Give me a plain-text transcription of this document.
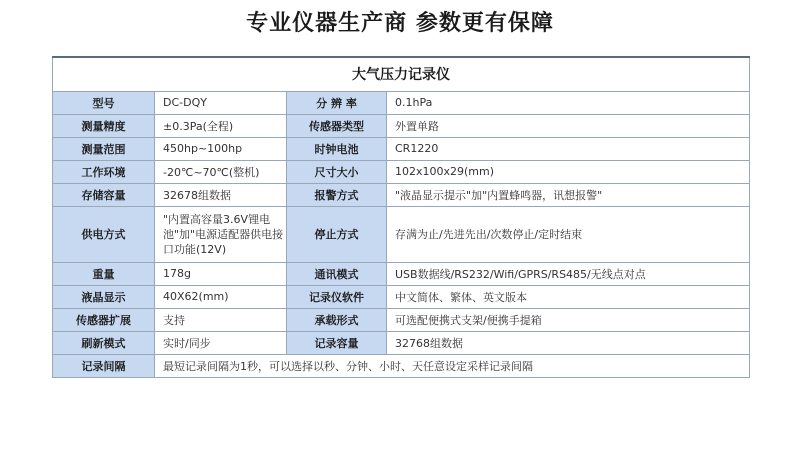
专业仪器生产商 参数更有保障
大气压力记录仪			
型号	DC-DQY	分 辨 率	0.1hPa
测量精度	±0.3Pa(全程)	传感器类型	外置单路
测量范围	450hp~100hp	时钟电池	CR1220
工作环境	-20℃~70℃(整机)	尺寸大小	102x100x29(mm)
存储容量	32678组数据	报警方式	"液晶显示提示"加"内置蜂鸣器，讯想报警"
供电方式	"内置高容量3.6V锂电池"加"电源适配器供电接口功能(12V)	停止方式	存满为止/先进先出/次数停止/定时结束
重量	178g	通讯模式	USB数据线/RS232/Wifi/GPRS/RS485/无线点对点
液晶显示	40X62(mm)	记录仪软件	中文简体、繁体、英文版本
传感器扩展	支持	承载形式	可选配便携式支架/便携手提箱
刷新模式	实时/同步	记录容量	32768组数据
记录间隔	最短记录间隔为1秒，可以选择以秒、分钟、小时、天任意设定采样记录间隔		
